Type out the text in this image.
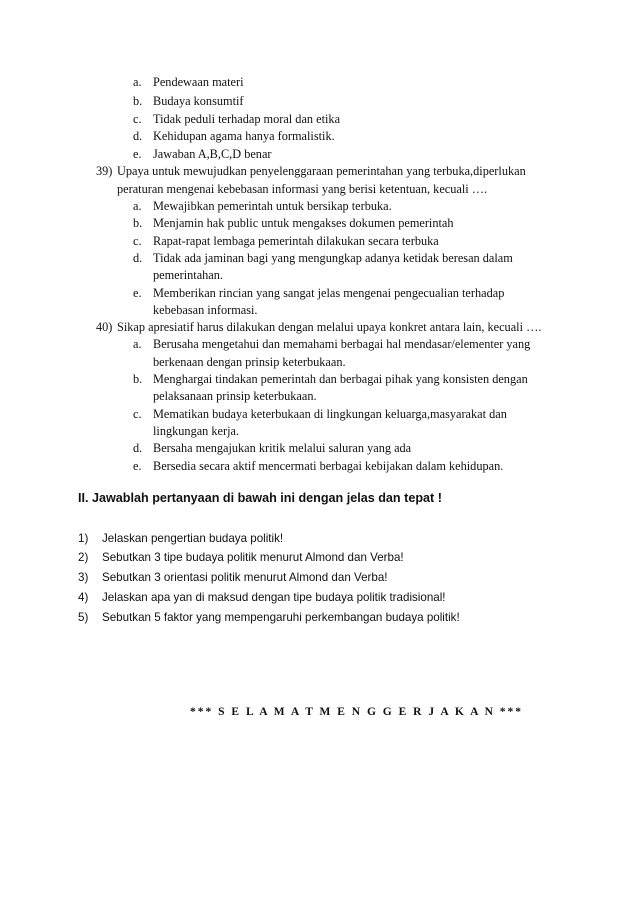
a. Pendewaan materi
b. Budaya konsumtif
c. Tidak peduli terhadap moral dan etika
d. Kehidupan agama hanya formalistik.
e. Jawaban A,B,C,D benar
39) Upaya untuk mewujudkan penyelenggaraan pemerintahan yang terbuka,diperlukan
peraturan mengenai kebebasan informasi yang berisi ketentuan, kecuali ….
a. Mewajibkan pemerintah untuk bersikap terbuka.
b. Menjamin hak public untuk mengakses dokumen pemerintah
c. Rapat-rapat lembaga pemerintah dilakukan secara terbuka
d. Tidak ada jaminan bagi yang mengungkap adanya ketidak beresan dalam
pemerintahan.
e. Memberikan rincian yang sangat jelas mengenai pengecualian terhadap
kebebasan informasi.
40) Sikap apresiatif harus dilakukan dengan melalui upaya konkret antara lain, kecuali ….
a. Berusaha mengetahui dan memahami berbagai hal mendasar/elementer yang
berkenaan dengan prinsip keterbukaan.
b. Menghargai tindakan pemerintah dan berbagai pihak yang konsisten dengan
pelaksanaan prinsip keterbukaan.
c. Mematikan budaya keterbukaan di lingkungan keluarga,masyarakat dan
lingkungan kerja.
d. Bersaha mengajukan kritik melalui saluran yang ada
e. Bersedia secara aktif mencermati berbagai kebijakan dalam kehidupan.
II. Jawablah pertanyaan di bawah ini dengan jelas dan tepat !
1) Jelaskan pengertian budaya politik!
2) Sebutkan 3 tipe budaya politik menurut Almond dan Verba!
3) Sebutkan 3 orientasi politik menurut Almond dan Verba!
4) Jelaskan apa yan di maksud dengan tipe budaya politik tradisional!
5) Sebutkan 5 faktor yang mempengaruhi perkembangan budaya politik!
*** S E L A M A T M E N G G E R J A K A N ***
